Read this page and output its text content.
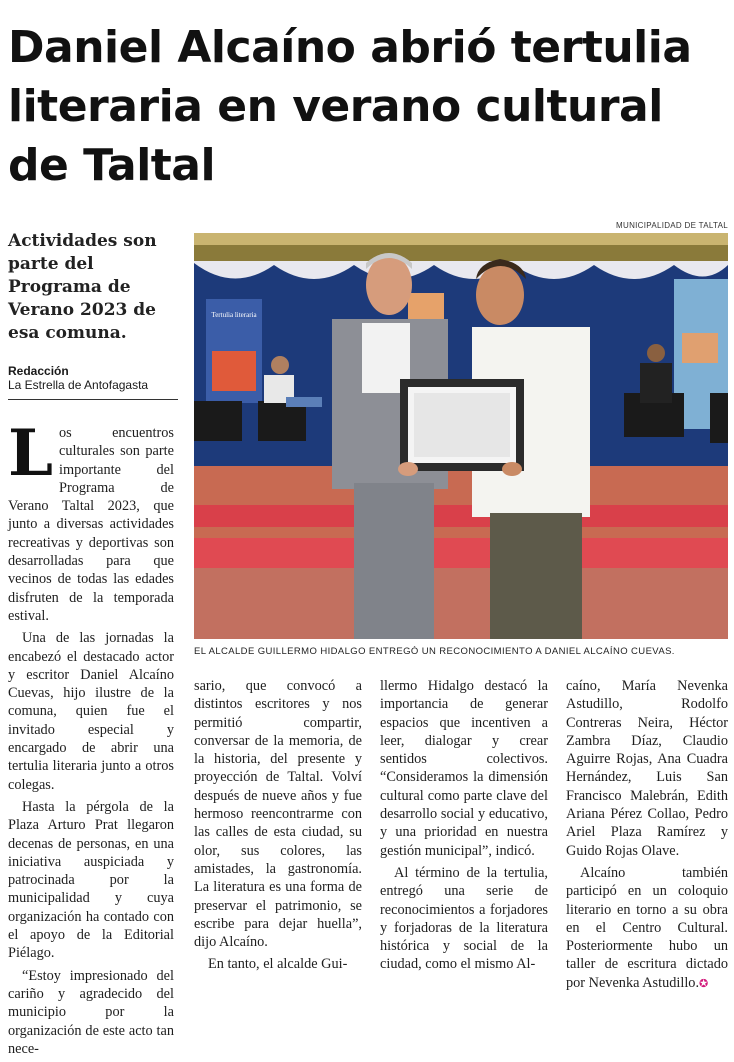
Daniel Alcaíno abrió tertulia literaria en verano cultural de Taltal
Actividades son parte del Programa de Verano 2023 de esa comuna.
Redacción
La Estrella de Antofagasta
MUNICIPALIDAD DE TALTAL
Tertulia literaria
EL ALCALDE GUILLERMO HIDALGO ENTREGÓ UN RECONOCIMIENTO A DANIEL ALCAÍNO CUEVAS.

Los encuentros culturales son parte importante del Programa de Verano Taltal 2023, que junto a diversas actividades recreativas y deportivas son desarrolladas para que vecinos de todas las edades disfruten de la temporada estival.

Una de las jornadas la encabezó el destacado actor y escritor Daniel Alcaíno Cuevas, hijo ilustre de la comuna, quien fue el invitado especial y encargado de abrir una tertulia literaria junto a otros colegas.

Hasta la pérgola de la Plaza Arturo Prat llegaron decenas de personas, en una iniciativa auspiciada y patrocinada por la municipalidad y cuya organización ha contado con el apoyo de la Editorial Piélago.

“Estoy impresionado del cariño y agradecido del municipio por la organización de este acto tan nece-

sario, que convocó a distintos escritores y nos permitió compartir, conversar de la memoria, de la historia, del presente y proyección de Taltal. Volví después de nueve años y fue hermoso reencontrarme con las calles de esta ciudad, su olor, sus colores, las amistades, la gastronomía. La literatura es una forma de preservar el patrimonio, se escribe para dejar huella”, dijo Alcaíno.

En tanto, el alcalde Gui-

llermo Hidalgo destacó la importancia de generar espacios que incentiven a leer, dialogar y crear sentidos colectivos. “Consideramos la dimensión cultural como parte clave del desarrollo social y educativo, y una prioridad en nuestra gestión municipal”, indicó.

Al término de la tertulia, entregó una serie de reconocimientos a forjadores y forjadoras de la literatura histórica y social de la ciudad, como el mismo Al-

caíno, María Nevenka Astudillo, Rodolfo Contreras Neira, Héctor Zambra Díaz, Claudio Aguirre Rojas, Ana Cuadra Hernández, Luis San Francisco Malebrán, Edith Ariana Pérez Collao, Pedro Ariel Plaza Ramírez y Guido Rojas Olave.

Alcaíno también participó en un coloquio literario en torno a su obra en el Centro Cultural. Posteriormente hubo un taller de escritura dictado por Nevenka Astudillo.✪
